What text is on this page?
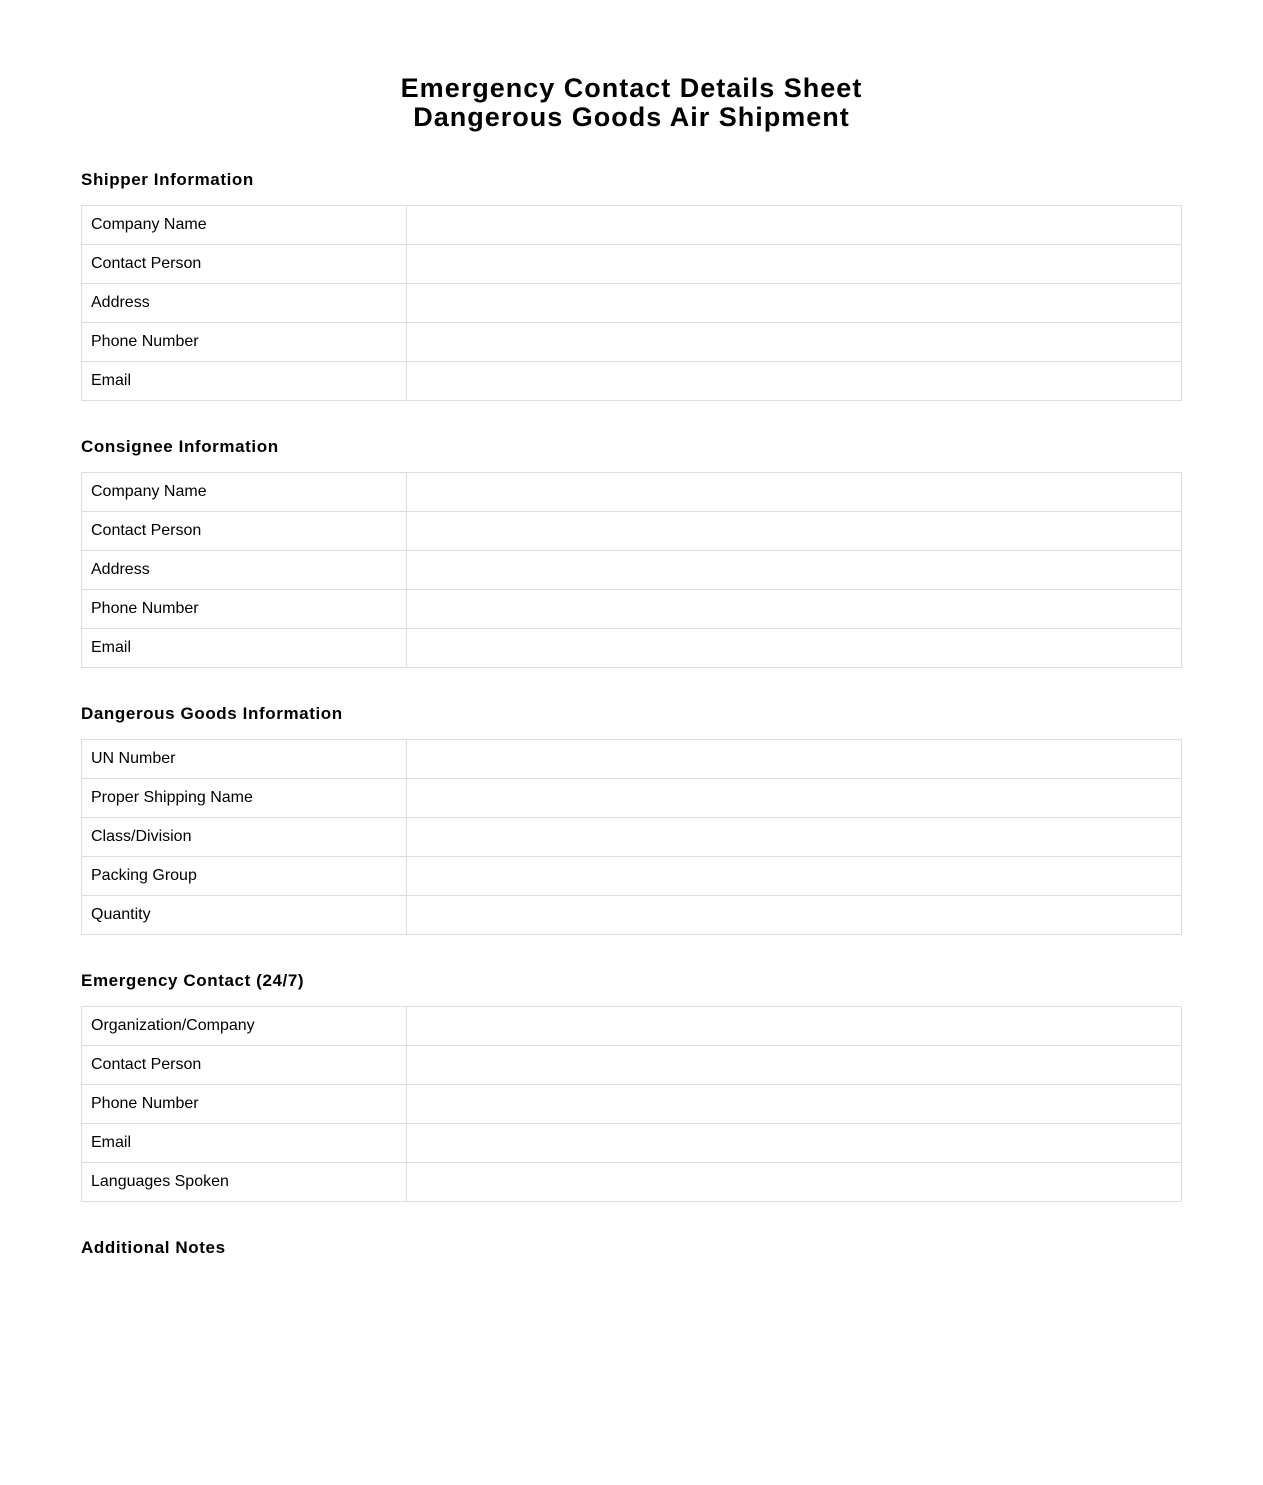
Emergency Contact Details Sheet
Dangerous Goods Air Shipment
Shipper Information
Company Name	
Contact Person	
Address	
Phone Number	
Email	
Consignee Information
Company Name	
Contact Person	
Address	
Phone Number	
Email	
Dangerous Goods Information
UN Number	
Proper Shipping Name	
Class/Division	
Packing Group	
Quantity	
Emergency Contact (24/7)
Organization/Company	
Contact Person	
Phone Number	
Email	
Languages Spoken	
Additional Notes
